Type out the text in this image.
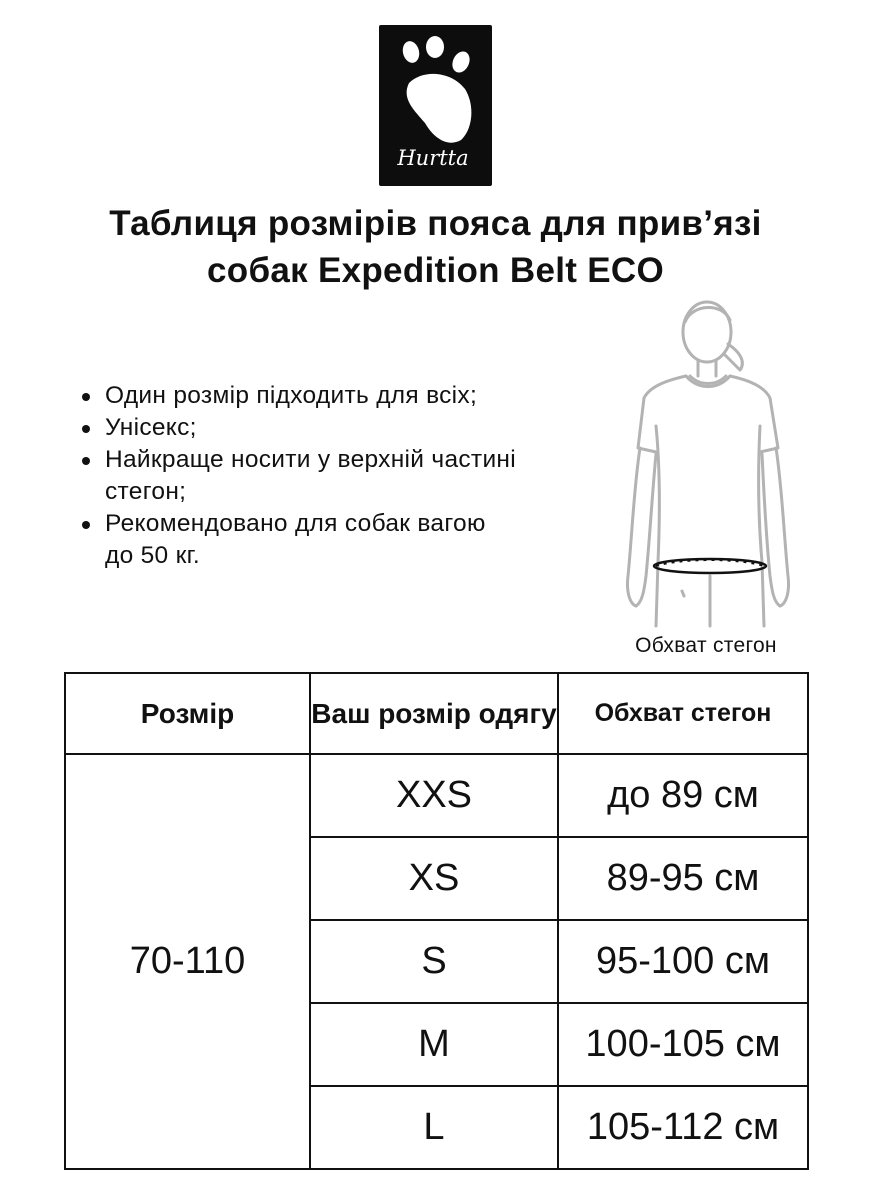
Hurtta
Таблиця розмірів пояса для прив’язі
собак Expedition Belt ECO
Один розмір підходить для всіх;
Унісекс;
Найкраще носити у верхній частині стегон;
Рекомендовано для собак вагою до 50 кг.
Обхват стегон
Розмір	Ваш розмір одягу	Обхват стегон
70-110	XXS	до 89 см
	XS	89-95 см
	S	95-100 см
	M	100-105 см
	L	105-112 см
